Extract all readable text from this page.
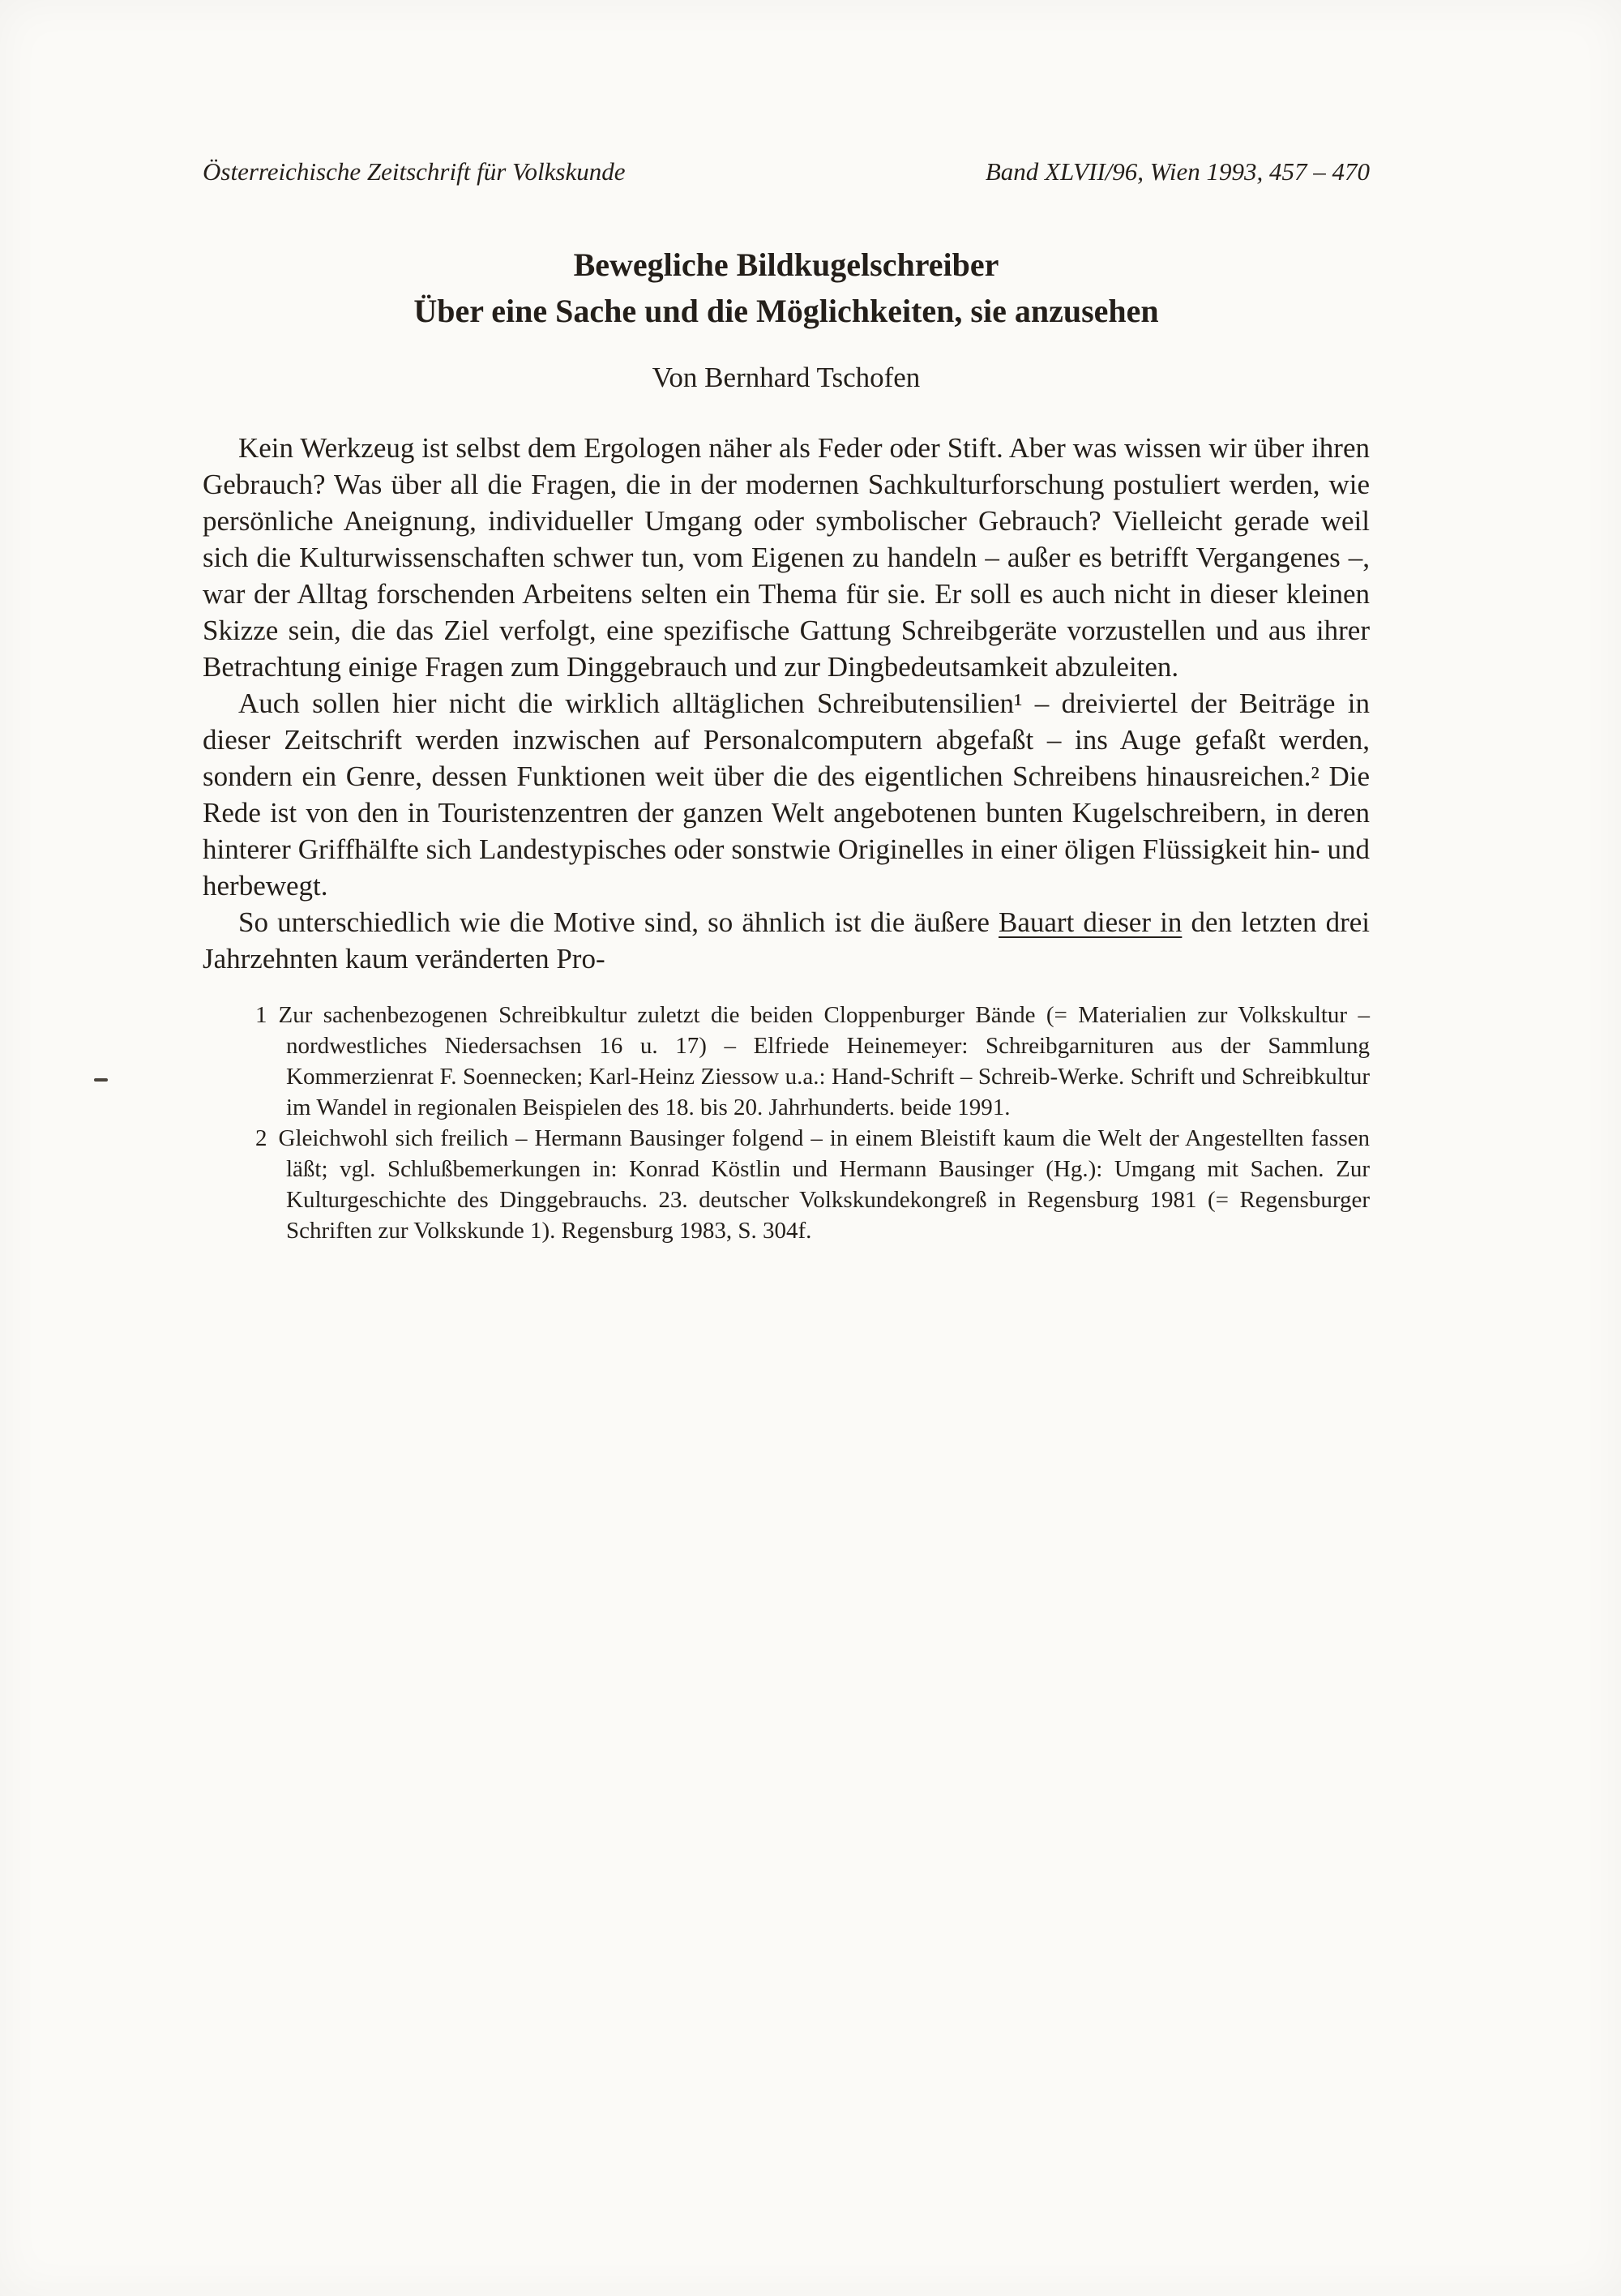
Österreichische Zeitschrift für Volkskunde	Band XLVII/96, Wien 1993, 457 – 470
Bewegliche Bildkugelschreiber
Über eine Sache und die Möglichkeiten, sie anzusehen
Von Bernhard Tschofen

Kein Werkzeug ist selbst dem Ergologen näher als Feder oder Stift. Aber was wissen wir über ihren Gebrauch? Was über all die Fragen, die in der modernen Sachkulturforschung postuliert werden, wie persönliche Aneignung, individueller Umgang oder symbolischer Gebrauch? Vielleicht gerade weil sich die Kulturwissenschaften schwer tun, vom Eigenen zu handeln – außer es betrifft Vergangenes –, war der Alltag forschenden Arbeitens selten ein Thema für sie. Er soll es auch nicht in dieser kleinen Skizze sein, die das Ziel verfolgt, eine spezifische Gattung Schreibgeräte vorzustellen und aus ihrer Betrachtung einige Fragen zum Dinggebrauch und zur Dingbedeutsamkeit abzuleiten.

Auch sollen hier nicht die wirklich alltäglichen Schreibutensilien¹ – dreiviertel der Beiträge in dieser Zeitschrift werden inzwischen auf Personalcomputern abgefaßt – ins Auge gefaßt werden, sondern ein Genre, dessen Funktionen weit über die des eigentlichen Schreibens hinausreichen.² Die Rede ist von den in Touristenzentren der ganzen Welt angebotenen bunten Kugelschreibern, in deren hinterer Griffhälfte sich Landestypisches oder sonstwie Originelles in einer öligen Flüssigkeit hin- und herbewegt.

So unterschiedlich wie die Motive sind, so ähnlich ist die äußere Bauart dieser in den letzten drei Jahrzehnten kaum veränderten Pro-

1 Zur sachenbezogenen Schreibkultur zuletzt die beiden Cloppenburger Bände (= Materialien zur Volkskultur – nordwestliches Niedersachsen 16 u. 17) – Elfriede Heinemeyer: Schreibgarnituren aus der Sammlung Kommerzienrat F. Soennecken; Karl-Heinz Ziessow u.a.: Hand-Schrift – Schreib-Werke. Schrift und Schreibkultur im Wandel in regionalen Beispielen des 18. bis 20. Jahrhunderts. beide 1991.
2 Gleichwohl sich freilich – Hermann Bausinger folgend – in einem Bleistift kaum die Welt der Angestellten fassen läßt; vgl. Schlußbemerkungen in: Konrad Köstlin und Hermann Bausinger (Hg.): Umgang mit Sachen. Zur Kulturgeschichte des Dinggebrauchs. 23. deutscher Volkskundekongreß in Regensburg 1981 (= Regensburger Schriften zur Volkskunde 1). Regensburg 1983, S. 304f.
